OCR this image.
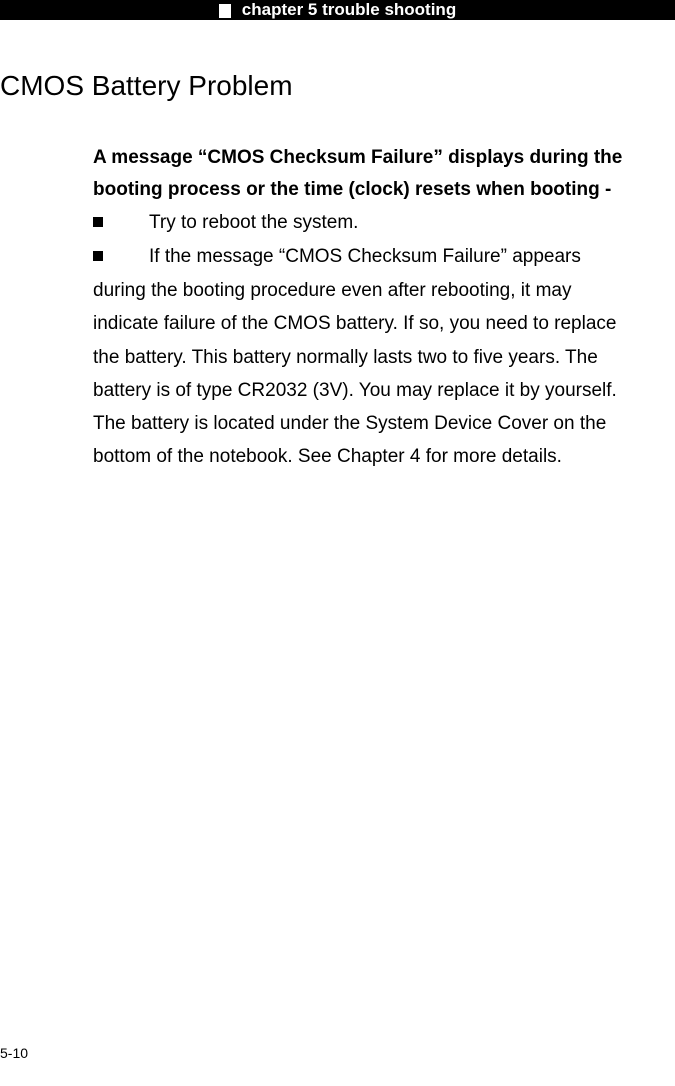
chapter 5 trouble shooting
CMOS Battery Problem
A message “CMOS Checksum Failure” displays during the
booting process or the time (clock) resets when booting -
Try to reboot the system.
If the message “CMOS Checksum Failure” appears
during the booting procedure even after rebooting, it may
indicate failure of the CMOS battery. If so, you need to replace
the battery. This battery normally lasts two to five years. The
battery is of type CR2032 (3V). You may replace it by yourself.
The battery is located under the System Device Cover on the
bottom of the notebook. See Chapter 4 for more details.
5-10
